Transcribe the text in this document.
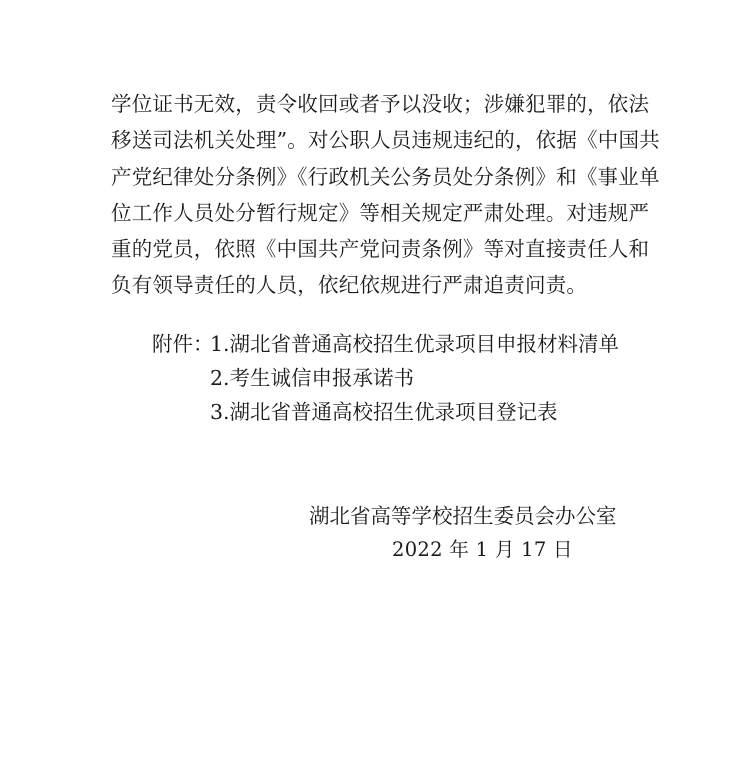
学位证书无效，责令收回或者予以没收；涉嫌犯罪的，依法
移送司法机关处理”。对公职人员违规违纪的，依据《中国共
产党纪律处分条例》《行政机关公务员处分条例》和《事业单
位工作人员处分暂行规定》等相关规定严肃处理。对违规严
重的党员，依照《中国共产党问责条例》等对直接责任人和
负有领导责任的人员，依纪依规进行严肃追责问责。
附件：
1.湖北省普通高校招生优录项目申报材料清单
2.考生诚信申报承诺书
3.湖北省普通高校招生优录项目登记表
湖北省高等学校招生委员会办公室
2022 年 1 月 17 日
